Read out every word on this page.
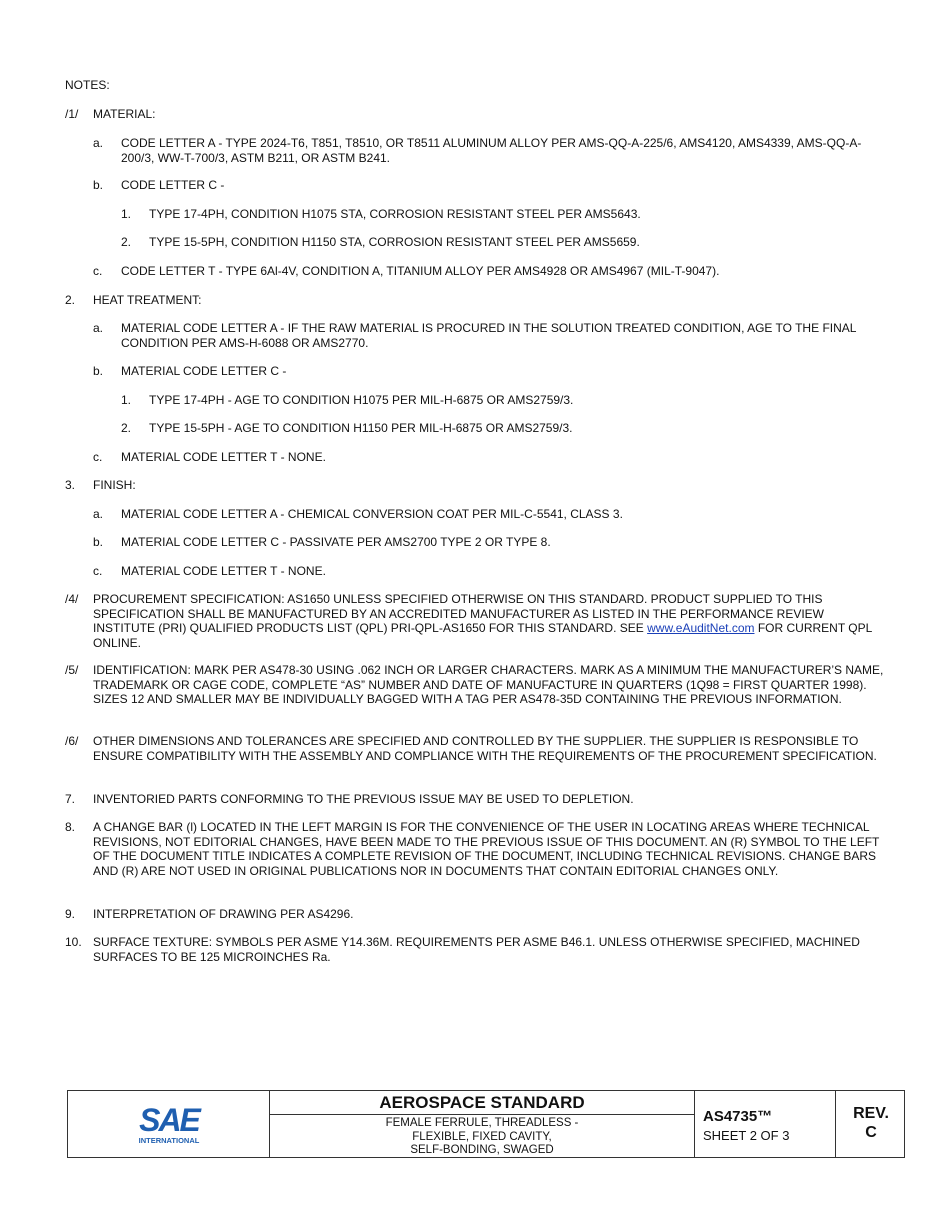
NOTES:
/1/	MATERIAL:
a.	CODE LETTER A - TYPE 2024-T6, T851, T8510, OR T8511 ALUMINUM ALLOY PER AMS-QQ-A-225/6, AMS4120, AMS4339, AMS-QQ-A-200/3, WW-T-700/3, ASTM B211, OR ASTM B241.
b.	CODE LETTER C -
1.	TYPE 17-4PH, CONDITION H1075 STA, CORROSION RESISTANT STEEL PER AMS5643.
2.	TYPE 15-5PH, CONDITION H1150 STA, CORROSION RESISTANT STEEL PER AMS5659.
c.	CODE LETTER T - TYPE 6Al-4V, CONDITION A, TITANIUM ALLOY PER AMS4928 OR AMS4967 (MIL-T-9047).
2.	HEAT TREATMENT:
a.	MATERIAL CODE LETTER A - IF THE RAW MATERIAL IS PROCURED IN THE SOLUTION TREATED CONDITION, AGE TO THE FINAL CONDITION PER AMS-H-6088 OR AMS2770.
b.	MATERIAL CODE LETTER C -
1.	TYPE 17-4PH - AGE TO CONDITION H1075 PER MIL-H-6875 OR AMS2759/3.
2.	TYPE 15-5PH - AGE TO CONDITION H1150 PER MIL-H-6875 OR AMS2759/3.
c.	MATERIAL CODE LETTER T - NONE.
3.	FINISH:
a.	MATERIAL CODE LETTER A - CHEMICAL CONVERSION COAT PER MIL-C-5541, CLASS 3.
b.	MATERIAL CODE LETTER C - PASSIVATE PER AMS2700 TYPE 2 OR TYPE 8.
c.	MATERIAL CODE LETTER T - NONE.
/4/	PROCUREMENT SPECIFICATION: AS1650 UNLESS SPECIFIED OTHERWISE ON THIS STANDARD. PRODUCT SUPPLIED TO THIS SPECIFICATION SHALL BE MANUFACTURED BY AN ACCREDITED MANUFACTURER AS LISTED IN THE PERFORMANCE REVIEW INSTITUTE (PRI) QUALIFIED PRODUCTS LIST (QPL) PRI-QPL-AS1650 FOR THIS STANDARD. SEE www.eAuditNet.com FOR CURRENT QPL ONLINE.
/5/	IDENTIFICATION: MARK PER AS478-30 USING .062 INCH OR LARGER CHARACTERS. MARK AS A MINIMUM THE MANUFACTURER’S NAME, TRADEMARK OR CAGE CODE, COMPLETE “AS” NUMBER AND DATE OF MANUFACTURE IN QUARTERS (1Q98 = FIRST QUARTER 1998). SIZES 12 AND SMALLER MAY BE INDIVIDUALLY BAGGED WITH A TAG PER AS478-35D CONTAINING THE PREVIOUS INFORMATION.
/6/	OTHER DIMENSIONS AND TOLERANCES ARE SPECIFIED AND CONTROLLED BY THE SUPPLIER. THE SUPPLIER IS RESPONSIBLE TO ENSURE COMPATIBILITY WITH THE ASSEMBLY AND COMPLIANCE WITH THE REQUIREMENTS OF THE PROCUREMENT SPECIFICATION.
7.	INVENTORIED PARTS CONFORMING TO THE PREVIOUS ISSUE MAY BE USED TO DEPLETION.
8.	A CHANGE BAR (l) LOCATED IN THE LEFT MARGIN IS FOR THE CONVENIENCE OF THE USER IN LOCATING AREAS WHERE TECHNICAL REVISIONS, NOT EDITORIAL CHANGES, HAVE BEEN MADE TO THE PREVIOUS ISSUE OF THIS DOCUMENT. AN (R) SYMBOL TO THE LEFT OF THE DOCUMENT TITLE INDICATES A COMPLETE REVISION OF THE DOCUMENT, INCLUDING TECHNICAL REVISIONS. CHANGE BARS AND (R) ARE NOT USED IN ORIGINAL PUBLICATIONS NOR IN DOCUMENTS THAT CONTAIN EDITORIAL CHANGES ONLY.
9.	INTERPRETATION OF DRAWING PER AS4296.
10. SURFACE TEXTURE: SYMBOLS PER ASME Y14.36M. REQUIREMENTS PER ASME B46.1. UNLESS OTHERWISE SPECIFIED, MACHINED SURFACES TO BE 125 MICROINCHES Ra.
SAE
INTERNATIONAL
AEROSPACE STANDARD
FEMALE FERRULE, THREADLESS -
FLEXIBLE, FIXED CAVITY,
SELF-BONDING, SWAGED
AS4735™
SHEET 2 OF 3
REV.
C
